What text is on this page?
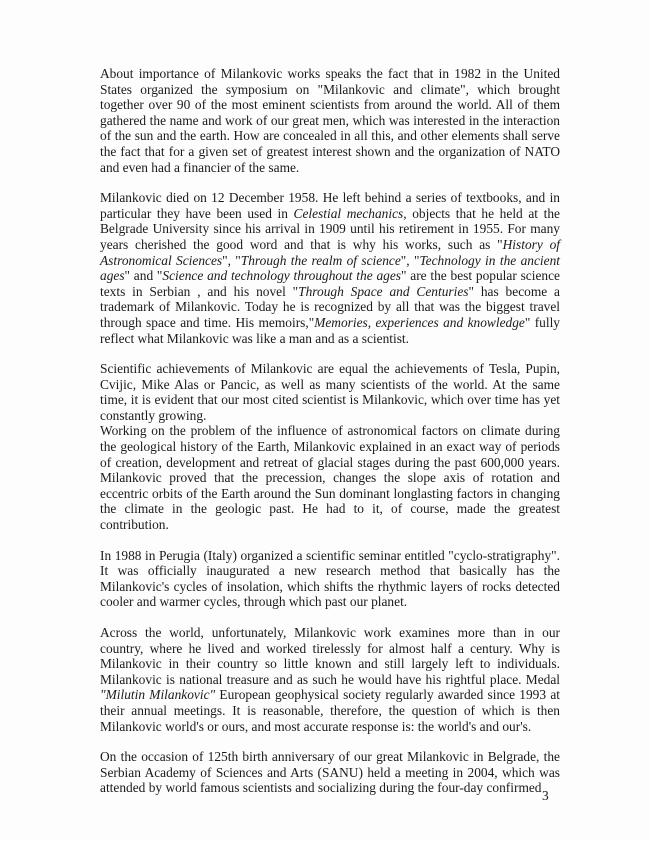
About importance of Milankovic works speaks the fact that in 1982 in the United States organized the symposium on "Milankovic and climate", which brought together over 90 of the most eminent scientists from around the world. All of them gathered the name and work of our great men, which was interested in the interaction of the sun and the earth. How are concealed in all this, and other elements shall serve the fact that for a given set of greatest interest shown and the organization of NATO and even had a financier of the same.

Milankovic died on 12 December 1958. He left behind a series of textbooks, and in particular they have been used in Celestial mechanics, objects that he held at the Belgrade University since his arrival in 1909 until his retirement in 1955. For many years cherished the good word and that is why his works, such as "History of Astronomical Sciences", "Through the realm of science", "Technology in the ancient ages" and "Science and technology throughout the ages" are the best popular science texts in Serbian , and his novel "Through Space and Centuries" has become a trademark of Milankovic. Today he is recognized by all that was the biggest travel through space and time. His memoirs,"Memories, experiences and knowledge" fully reflect what Milankovic was like a man and as a scientist.

Scientific achievements of Milankovic are equal the achievements of Tesla, Pupin, Cvijic, Mike Alas or Pancic, as well as many scientists of the world. At the same time, it is evident that our most cited scientist is Milankovic, which over time has yet constantly growing.

Working on the problem of the influence of astronomical factors on climate during the geological history of the Earth, Milankovic explained in an exact way of periods of creation, development and retreat of glacial stages during the past 600,000 years. Milankovic proved that the precession, changes the slope axis of rotation and eccentric orbits of the Earth around the Sun dominant longlasting factors in changing the climate in the geologic past. He had to it, of course, made the greatest contribution.

In 1988 in Perugia (Italy) organized a scientific seminar entitled "cyclo-stratigraphy". It was officially inaugurated a new research method that basically has the Milankovic's cycles of insolation, which shifts the rhythmic layers of rocks detected cooler and warmer cycles, through which past our planet.

Across the world, unfortunately, Milankovic work examines more than in our country, where he lived and worked tirelessly for almost half a century. Why is Milankovic in their country so little known and still largely left to individuals. Milankovic is national treasure and as such he would have his rightful place. Medal "Milutin Milankovic" European geophysical society regularly awarded since 1993 at their annual meetings. It is reasonable, therefore, the question of which is then Milankovic world's or ours, and most accurate response is: the world's and our's.

On the occasion of 125th birth anniversary of our great Milankovic in Belgrade, the Serbian Academy of Sciences and Arts (SANU) held a meeting in 2004, which was attended by world famous scientists and socializing during the four-day confirmed

3
